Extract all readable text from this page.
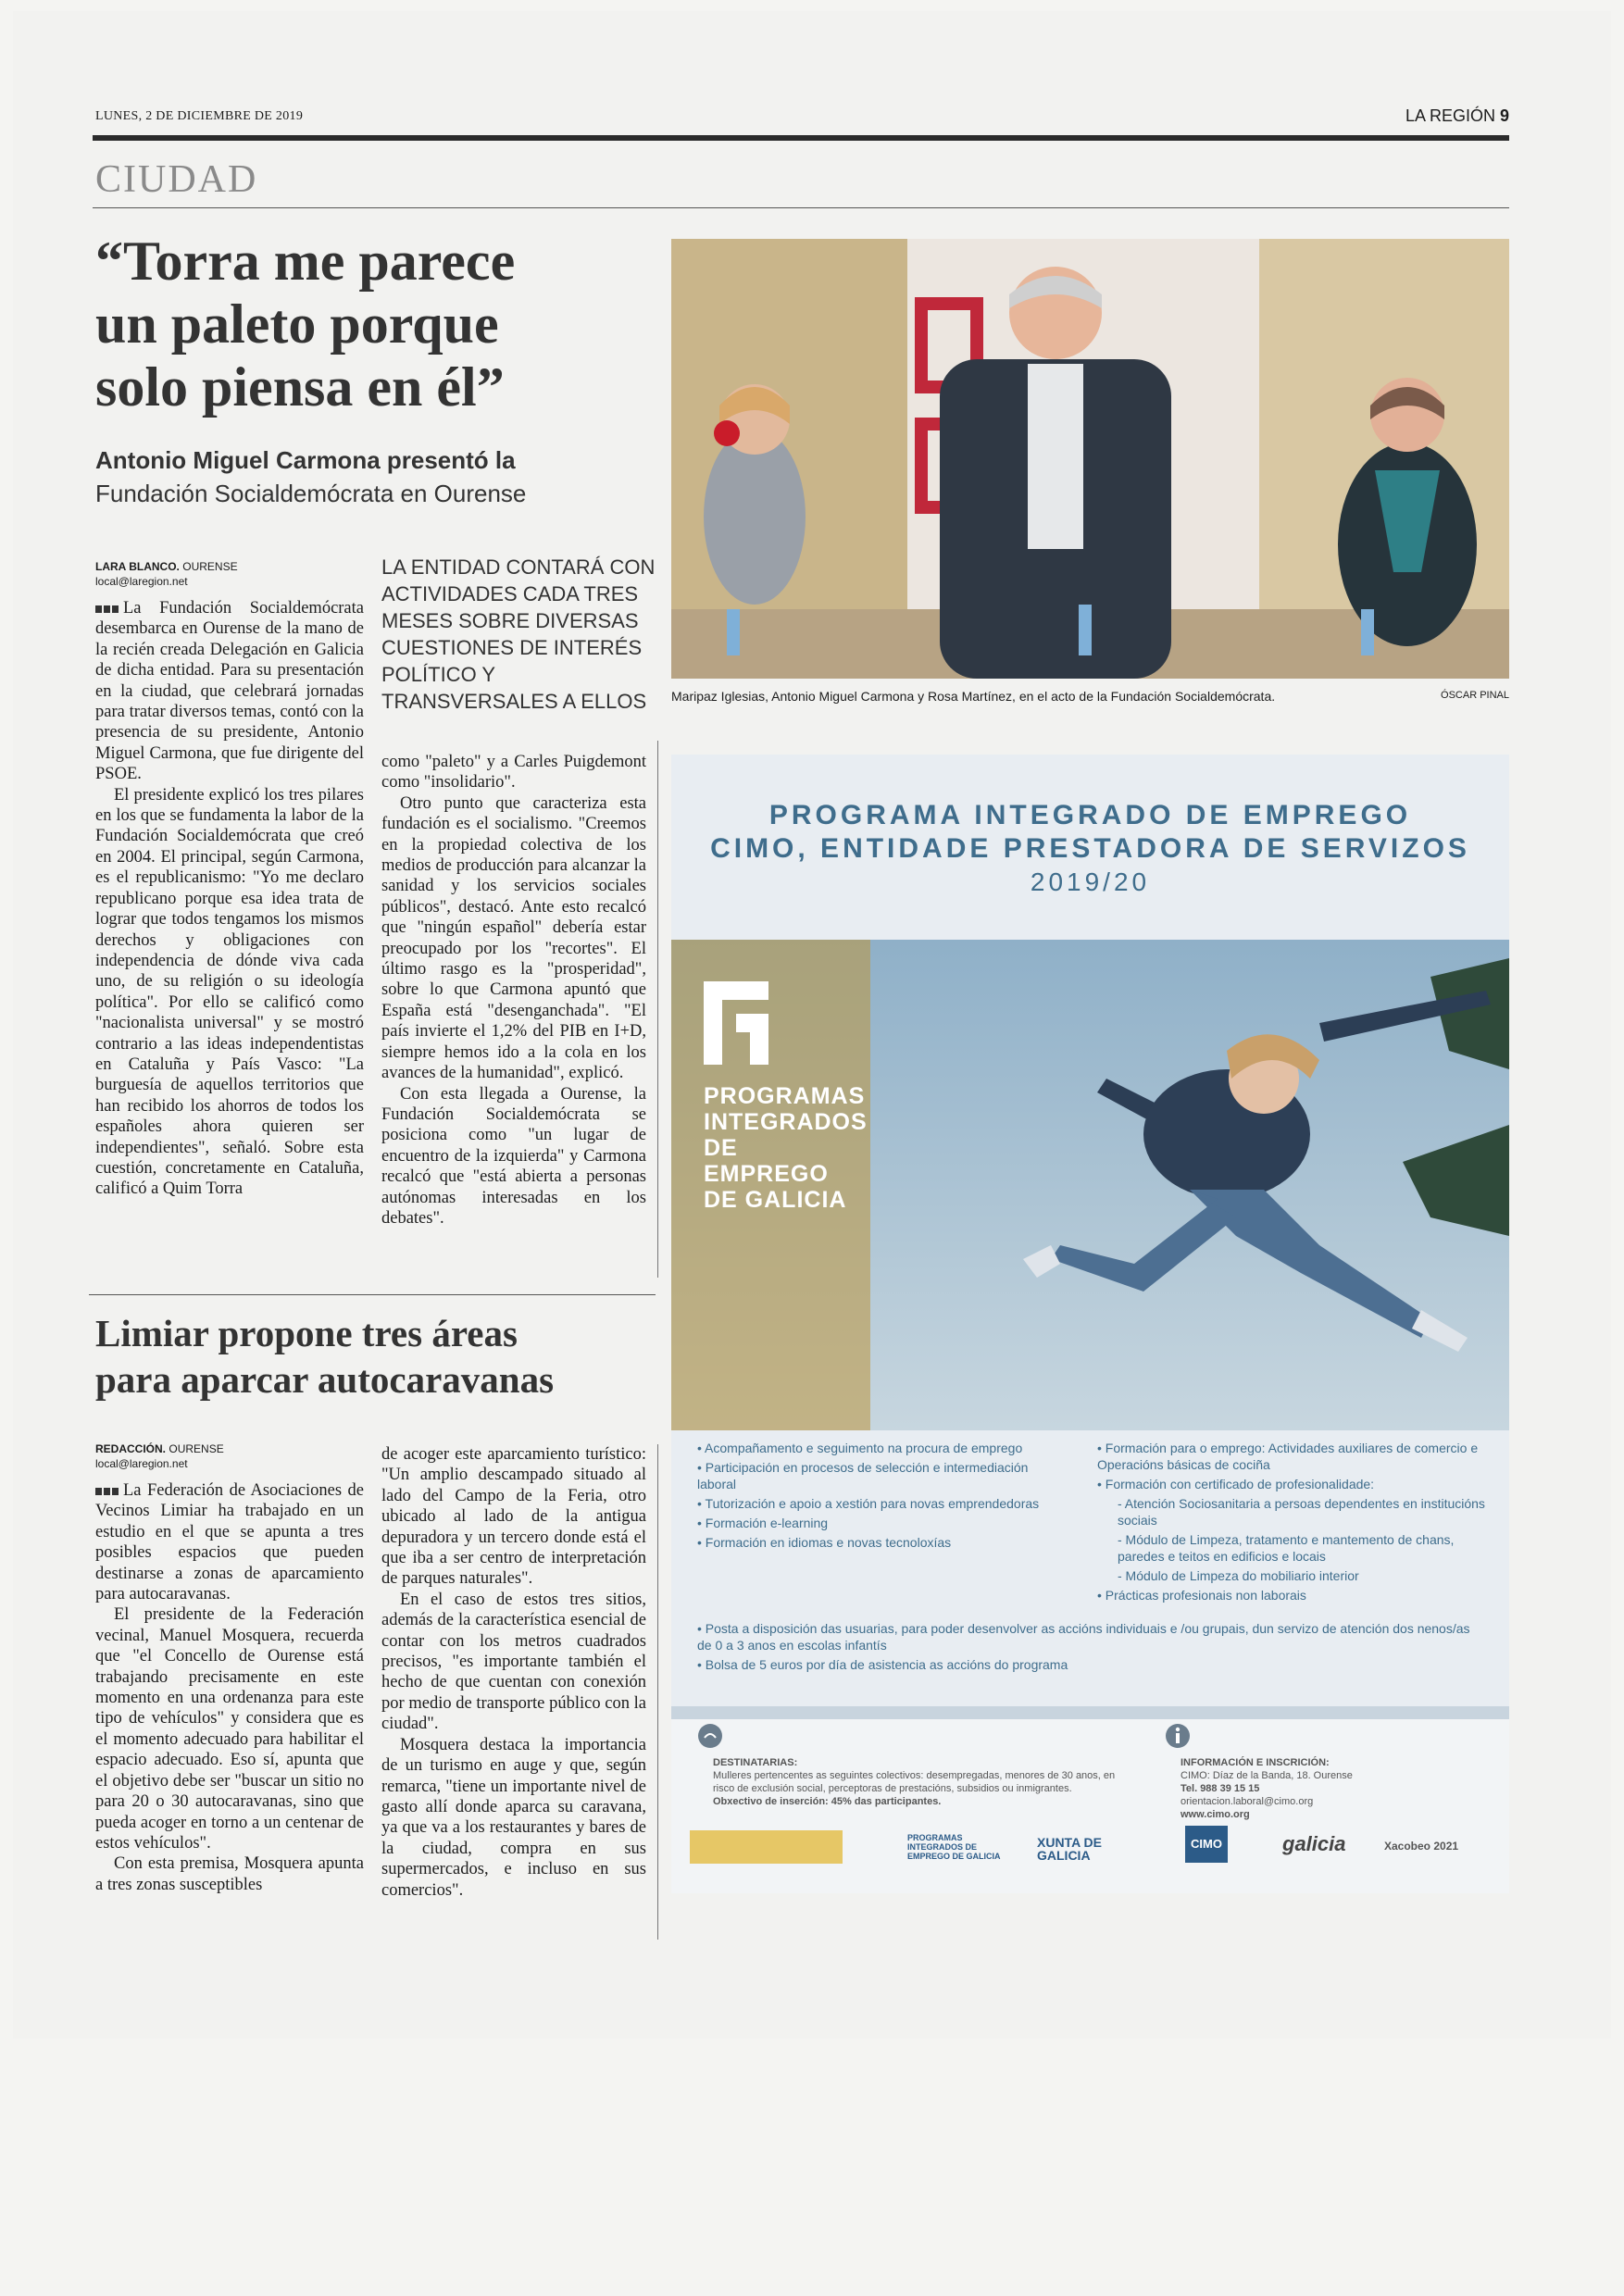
LUNES, 2 DE DICIEMBRE DE 2019	LA REGIÓN 9
CIUDAD
“Torra me parece
un paleto porque
solo piensa en él”
Antonio Miguel Carmona presentó la
Fundación Socialdemócrata en Ourense
LARA BLANCO. OURENSE
local@laregion.net

La Fundación Socialdemócrata desembarca en Ourense de la mano de la recién creada Delegación en Galicia de dicha entidad. Para su presentación en la ciudad, que celebrará jornadas para tratar diversos temas, contó con la presencia de su presidente, Antonio Miguel Carmona, que fue dirigente del PSOE.

El presidente explicó los tres pilares en los que se fundamenta la labor de la Fundación Socialdemócrata que creó en 2004. El principal, según Carmona, es el republicanismo: "Yo me declaro republicano porque esa idea trata de lograr que todos tengamos los mismos derechos y obligaciones con independencia de dónde viva cada uno, de su religión o su ideología política". Por ello se calificó como "nacionalista universal" y se mostró contrario a las ideas independentistas en Cataluña y País Vasco: "La burguesía de aquellos territorios que han recibido los ahorros de todos los españoles ahora quieren ser independientes", señaló. Sobre esta cuestión, concretamente en Cataluña, calificó a Quim Torra

LA ENTIDAD CONTARÁ CON ACTIVIDADES CADA TRES MESES SOBRE DIVERSAS CUESTIONES DE INTERÉS POLÍTICO Y TRANSVERSALES A ELLOS

como "paleto" y a Carles Puigdemont como "insolidario".

Otro punto que caracteriza esta fundación es el socialismo. "Creemos en la propiedad colectiva de los medios de producción para alcanzar la sanidad y los servicios sociales públicos", destacó. Ante esto recalcó que "ningún español" debería estar preocupado por los "recortes". El último rasgo es la "prosperidad", sobre lo que Carmona apuntó que España está "desenganchada". "El país invierte el 1,2% del PIB en I+D, siempre hemos ido a la cola en los avances de la humanidad", explicó.

Con esta llegada a Ourense, la Fundación Socialdemócrata se posiciona como "un lugar de encuentro de la izquierda" y Carmona recalcó que "está abierta a personas autónomas interesadas en los debates".

Maripaz Iglesias, Antonio Miguel Carmona y Rosa Martínez, en el acto de la Fundación Socialdemócrata.	ÓSCAR PINAL
Limiar propone tres áreas
para aparcar autocaravanas
REDACCIÓN. OURENSE
local@laregion.net

La Federación de Asociaciones de Vecinos Limiar ha trabajado en un estudio en el que se apunta a tres posibles espacios que pueden destinarse a zonas de aparcamiento para autocaravanas.

El presidente de la Federación vecinal, Manuel Mosquera, recuerda que "el Concello de Ourense está trabajando precisamente en este momento en una ordenanza para este tipo de vehículos" y considera que es el momento adecuado para habilitar el espacio adecuado. Eso sí, apunta que el objetivo debe ser "buscar un sitio no para 20 o 30 autocaravanas, sino que pueda acoger en torno a un centenar de estos vehículos".

Con esta premisa, Mosquera apunta a tres zonas susceptibles

de acoger este aparcamiento turístico: "Un amplio descampado situado al lado del Campo de la Feria, otro ubicado al lado de la antigua depuradora y un tercero donde está el que iba a ser centro de interpretación de parques naturales".

En el caso de estos tres sitios, además de la característica esencial de contar con los metros cuadrados precisos, "es importante también el hecho de que cuentan con conexión por medio de transporte público con la ciudad".

Mosquera destaca la importancia de un turismo en auge y que, según remarca, "tiene un importante nivel de gasto allí donde aparca su caravana, ya que va a los restaurantes y bares de la ciudad, compra en sus supermercados, e incluso en sus comercios".

PROGRAMA INTEGRADO DE EMPREGO
CIMO, ENTIDADE PRESTADORA DE SERVIZOS
2019/20
PROGRAMAS
INTEGRADOS
DE EMPREGO
DE GALICIA
• Acompañamento e seguimento na procura de emprego
• Participación en procesos de selección e intermediación laboral
• Tutorización e apoio a xestión para novas emprendedoras
• Formación e-learning
• Formación en idiomas e novas tecnoloxías
• Formación para o emprego: Actividades auxiliares de comercio e Operacións básicas de cociña
• Formación con certificado de profesionalidade:
- Atención Sociosanitaria a persoas dependentes en institucións sociais
- Módulo de Limpeza, tratamento e mantemento de chans, paredes e teitos en edificios e locais
- Módulo de Limpeza do mobiliario interior
• Prácticas profesionais non laborais
• Posta a disposición das usuarias, para poder desenvolver as accións individuais e /ou grupais, dun servizo de atención dos nenos/as de 0 a 3 anos en escolas infantís
• Bolsa de 5 euros por día de asistencia as accións do programa
DESTINATARIAS:
Mulleres pertencentes as seguintes colectivos: desempregadas, menores de 30 anos, en risco de exclusión social, perceptoras de prestacións, subsidios ou inmigrantes.
Obxectivo de inserción: 45% das participantes.
INFORMACIÓN E INSCRICIÓN:
CIMO: Díaz de la Banda, 18. Ourense
Tel. 988 39 15 15
orientacion.laboral@cimo.org
www.cimo.org
PROGRAMAS INTEGRADOS DE EMPREGO DE GALICIA
XUNTA DE GALICIA
CIMO	galicia	Xacobeo 2021
